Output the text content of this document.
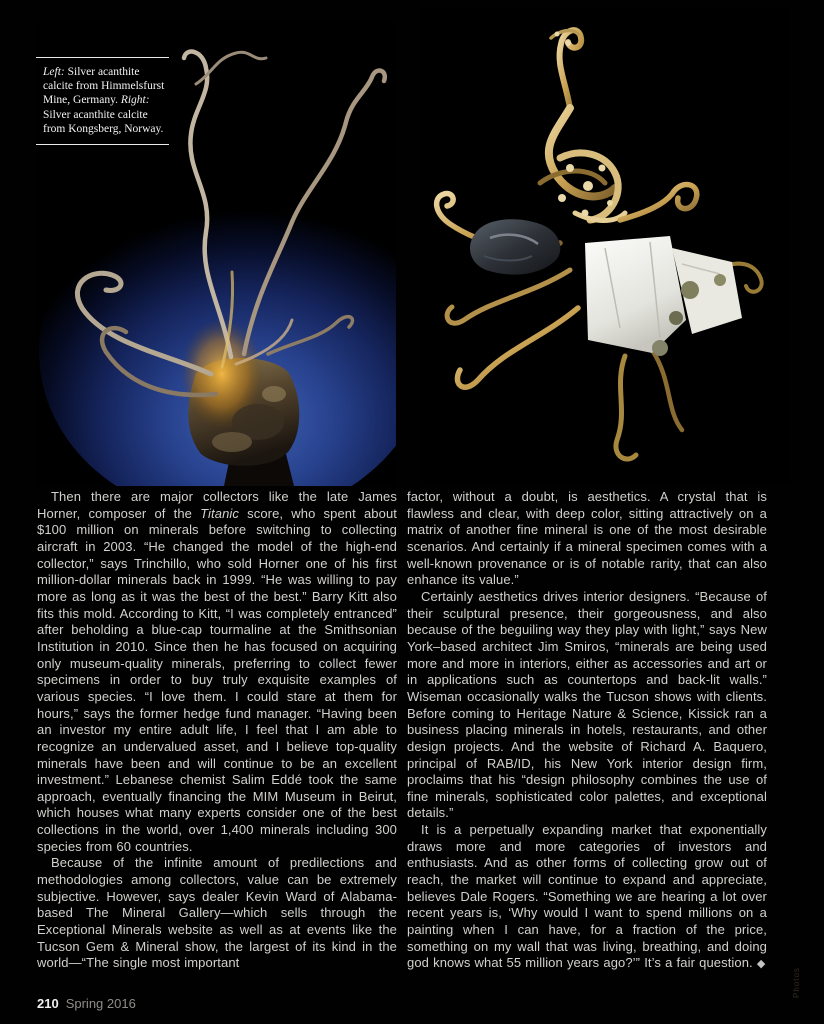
Left: Silver acanthite calcite from Himmelsfurst Mine, Germany. Right: Silver acanthite calcite from Kongsberg, Norway.

Then there are major collectors like the late James Horner, composer of the Titanic score, who spent about $100 million on minerals before switching to collecting aircraft in 2003. “He changed the model of the high-end collector,” says Trinchillo, who sold Horner one of his first million-dollar minerals back in 1999. “He was willing to pay more as long as it was the best of the best.” Barry Kitt also fits this mold. According to Kitt, “I was completely entranced” after beholding a blue-cap tourmaline at the Smithsonian Institution in 2010. Since then he has focused on acquiring only museum-quality minerals, preferring to collect fewer specimens in order to buy truly exquisite examples of various species. “I love them. I could stare at them for hours,” says the former hedge fund manager. “Having been an investor my entire adult life, I feel that I am able to recognize an undervalued asset, and I believe top-quality minerals have been and will continue to be an excellent investment.” Lebanese chemist Salim Eddé took the same approach, eventually financing the MIM Museum in Beirut, which houses what many experts consider one of the best collections in the world, over 1,400 minerals including 300 species from 60 countries.

Because of the infinite amount of predilections and methodologies among collectors, value can be extremely subjective. However, says dealer Kevin Ward of Alabama-based The Mineral Gallery—which sells through the Exceptional Minerals website as well as at events like the Tucson Gem & Mineral show, the largest of its kind in the world—“The single most important

factor, without a doubt, is aesthetics. A crystal that is flawless and clear, with deep color, sitting attractively on a matrix of another fine mineral is one of the most desirable scenarios. And certainly if a mineral specimen comes with a well-known provenance or is of notable rarity, that can also enhance its value.”

Certainly aesthetics drives interior designers. “Because of their sculptural presence, their gorgeousness, and also because of the beguiling way they play with light,” says New York–based architect Jim Smiros, “minerals are being used more and more in interiors, either as accessories and art or in applications such as countertops and back-lit walls.” Wiseman occasionally walks the Tucson shows with clients. Before coming to Heritage Nature & Science, Kissick ran a business placing minerals in hotels, restaurants, and other design projects. And the website of Richard A. Baquero, principal of RAB/ID, his New York interior design firm, proclaims that his “design philosophy combines the use of fine minerals, sophisticated color palettes, and exceptional details.”

It is a perpetually expanding market that exponentially draws more and more categories of investors and enthusiasts. And as other forms of collecting grow out of reach, the market will continue to expand and appreciate, believes Dale Rogers. “Something we are hearing a lot over recent years is, ‘Why would I want to spend millions on a painting when I can have, for a fraction of the price, something on my wall that was living, breathing, and doing god knows what 55 million years ago?’” It’s a fair question. ◆

210 Spring 2016
Photos
